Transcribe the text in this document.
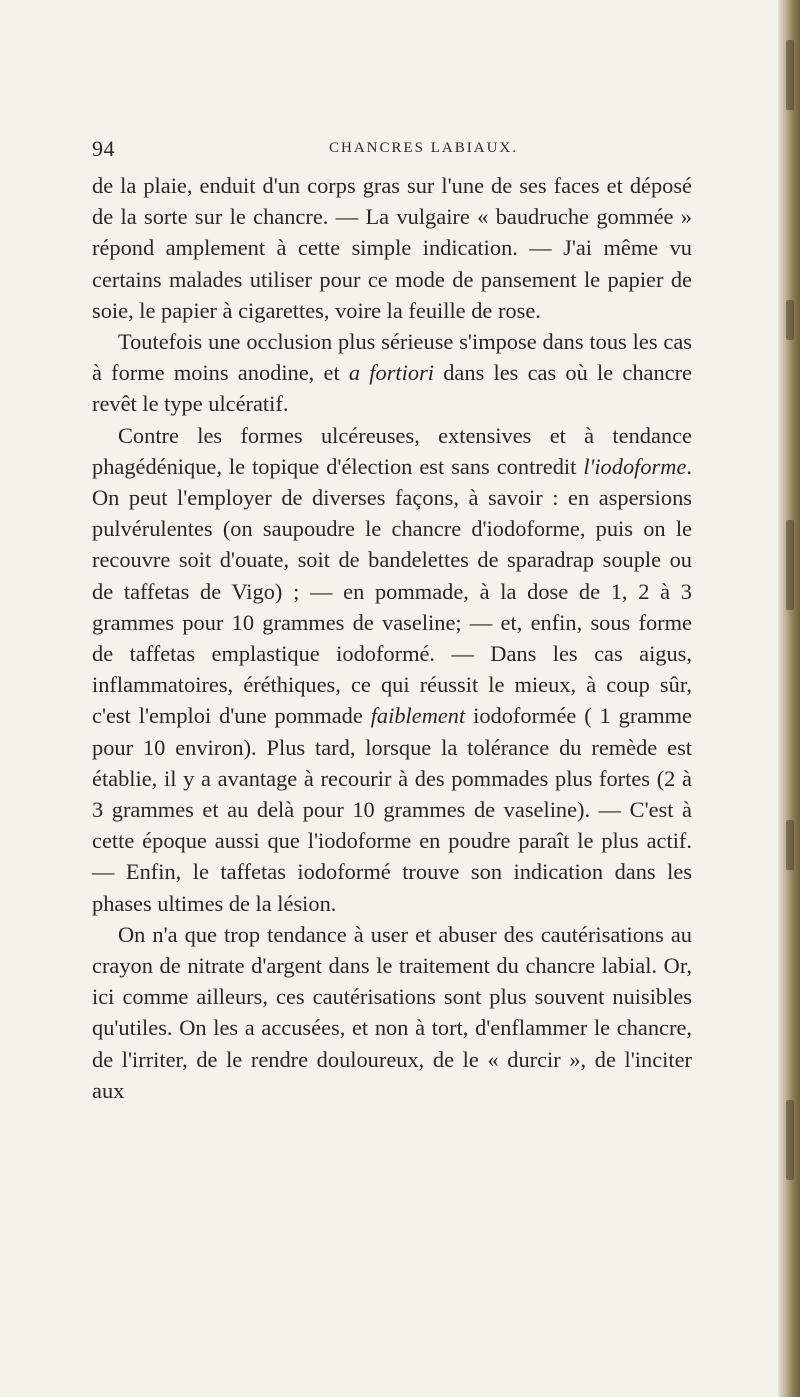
94	CHANCRES LABIAUX.

de la plaie, enduit d'un corps gras sur l'une de ses faces et déposé de la sorte sur le chancre. — La vulgaire « baudruche gommée » répond amplement à cette simple indication. — J'ai même vu certains malades utiliser pour ce mode de pansement le papier de soie, le papier à cigarettes, voire la feuille de rose.

Toutefois une occlusion plus sérieuse s'impose dans tous les cas à forme moins anodine, et a fortiori dans les cas où le chancre revêt le type ulcératif.

Contre les formes ulcéreuses, extensives et à tendance phagédénique, le topique d'élection est sans contredit l'iodoforme. On peut l'employer de diverses façons, à savoir : en aspersions pulvérulentes (on saupoudre le chancre d'iodoforme, puis on le recouvre soit d'ouate, soit de bandelettes de sparadrap souple ou de taffetas de Vigo) ; — en pommade, à la dose de 1, 2 à 3 grammes pour 10 grammes de vaseline; — et, enfin, sous forme de taffetas emplastique iodoformé. — Dans les cas aigus, inflammatoires, éréthiques, ce qui réussit le mieux, à coup sûr, c'est l'emploi d'une pommade faiblement iodoformée ( 1 gramme pour 10 environ). Plus tard, lorsque la tolérance du remède est établie, il y a avantage à recourir à des pommades plus fortes (2 à 3 grammes et au delà pour 10 grammes de vaseline). — C'est à cette époque aussi que l'iodoforme en poudre paraît le plus actif. — Enfin, le taffetas iodoformé trouve son indication dans les phases ultimes de la lésion.

On n'a que trop tendance à user et abuser des cautérisations au crayon de nitrate d'argent dans le traitement du chancre labial. Or, ici comme ailleurs, ces cautérisations sont plus souvent nuisibles qu'utiles. On les a accusées, et non à tort, d'enflammer le chancre, de l'irriter, de le rendre douloureux, de le « durcir », de l'inciter aux
